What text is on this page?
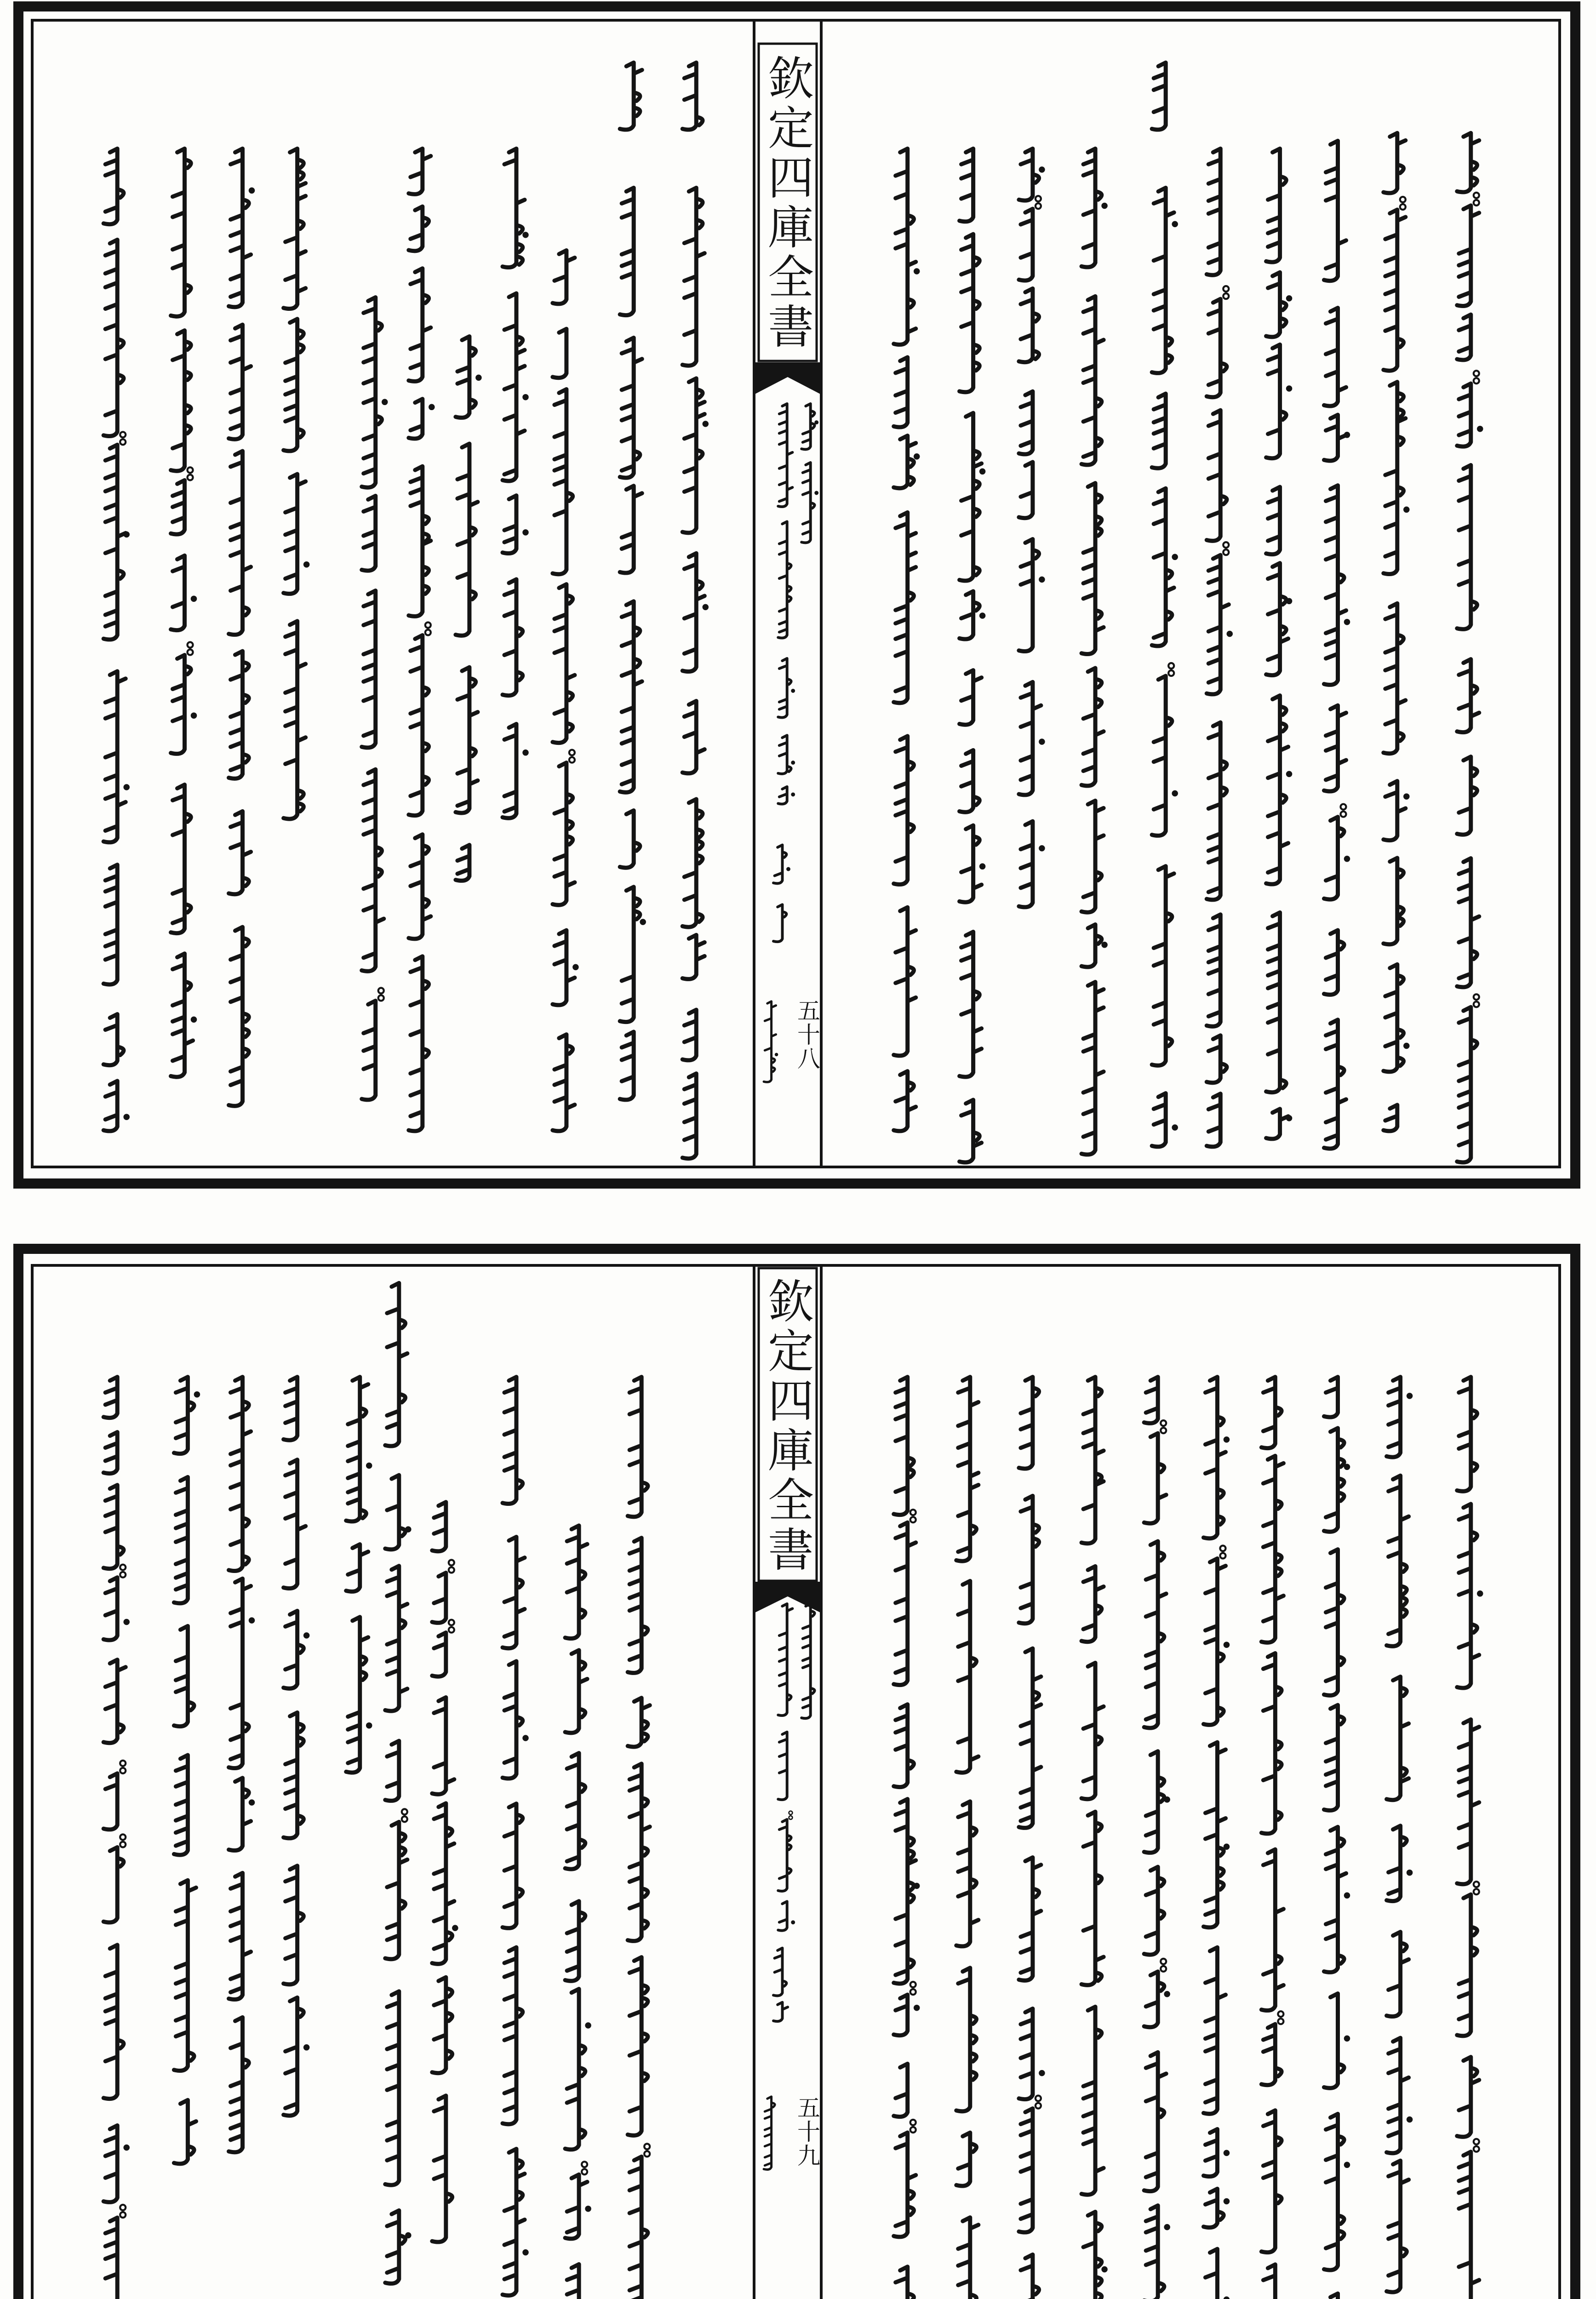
欽定四庫全書
五十八
欽定四庫全書
五十九
